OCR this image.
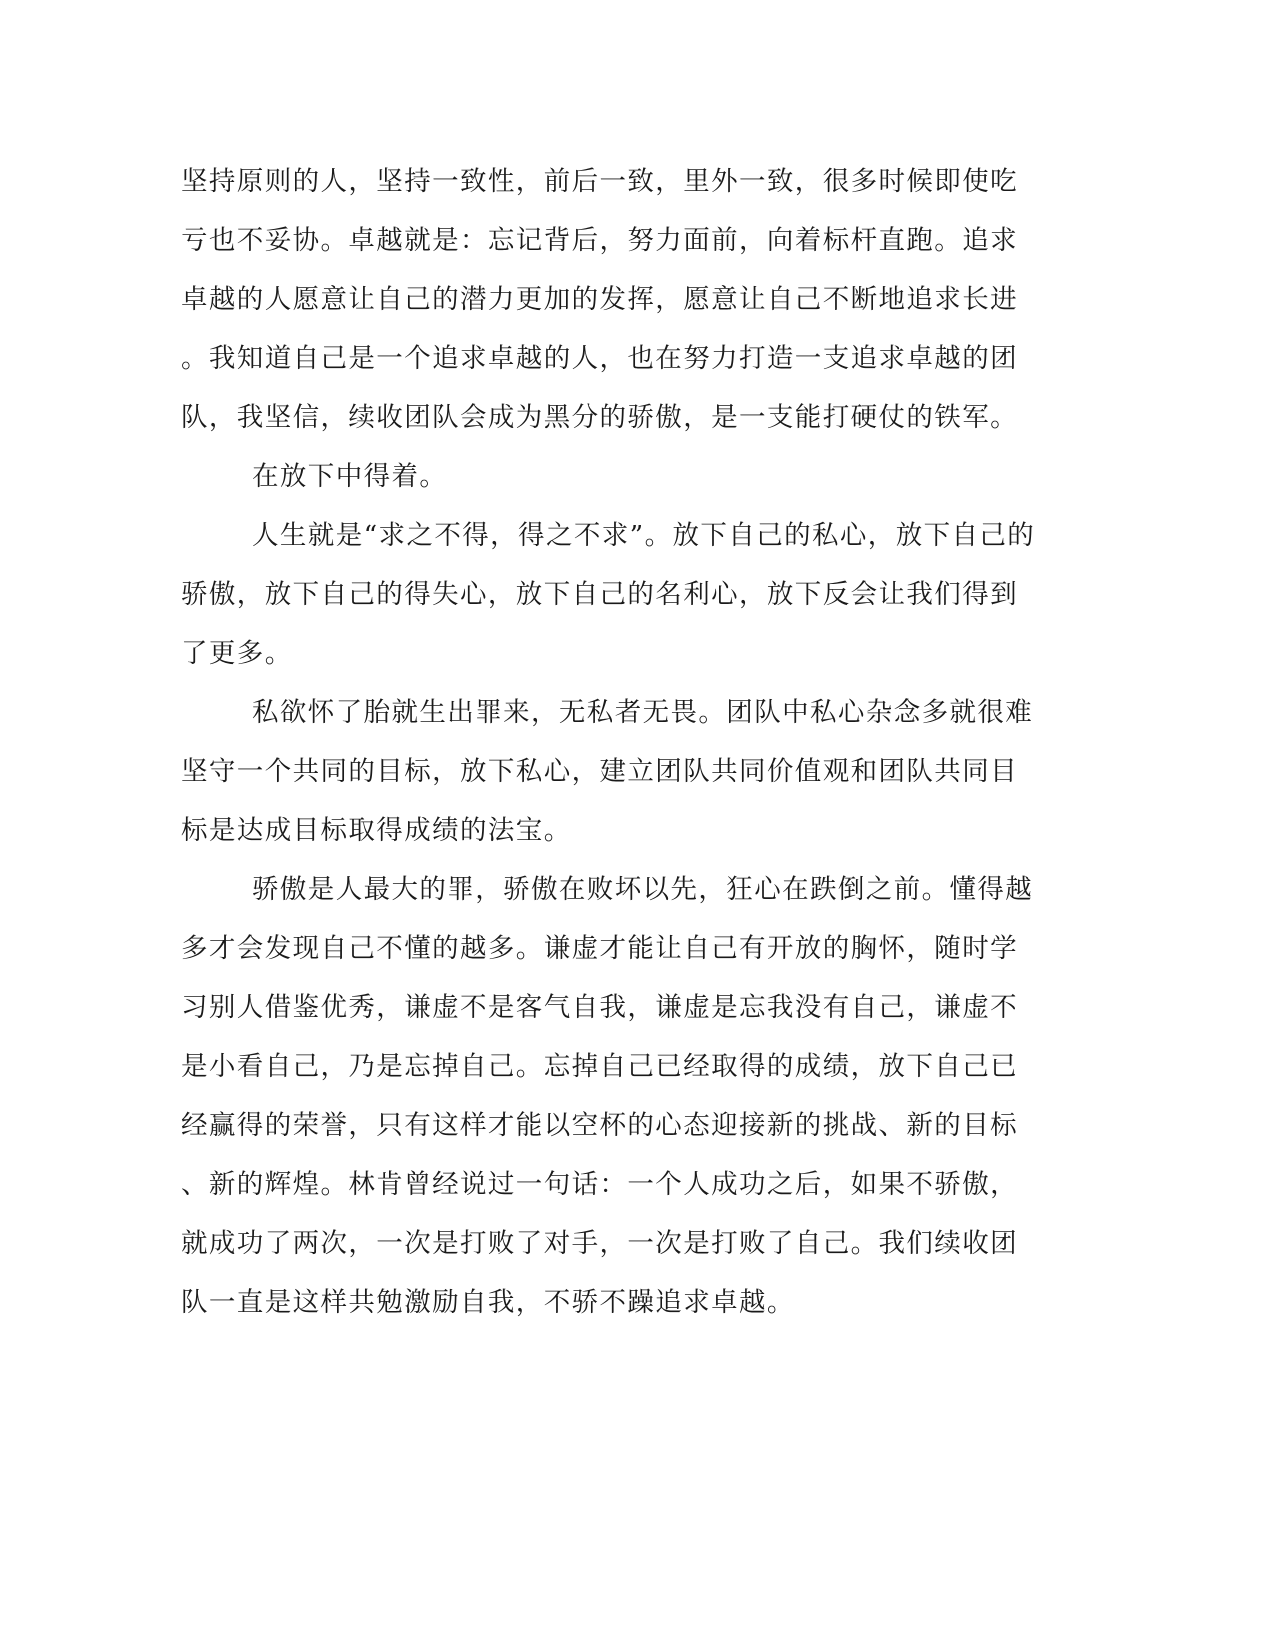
坚持原则的人，坚持一致性，前后一致，里外一致，很多时候即使吃
亏也不妥协。卓越就是：忘记背后，努力面前，向着标杆直跑。追求
卓越的人愿意让自己的潜力更加的发挥，愿意让自己不断地追求长进
。我知道自己是一个追求卓越的人，也在努力打造一支追求卓越的团
队，我坚信，续收团队会成为黑分的骄傲，是一支能打硬仗的铁军。
在放下中得着。
人生就是“求之不得，得之不求”。放下自己的私心，放下自己的
骄傲，放下自己的得失心，放下自己的名利心，放下反会让我们得到
了更多。
私欲怀了胎就生出罪来，无私者无畏。团队中私心杂念多就很难
坚守一个共同的目标，放下私心，建立团队共同价值观和团队共同目
标是达成目标取得成绩的法宝。
骄傲是人最大的罪，骄傲在败坏以先，狂心在跌倒之前。懂得越
多才会发现自己不懂的越多。谦虚才能让自己有开放的胸怀，随时学
习别人借鉴优秀，谦虚不是客气自我，谦虚是忘我没有自己，谦虚不
是小看自己，乃是忘掉自己。忘掉自己已经取得的成绩，放下自己已
经赢得的荣誉，只有这样才能以空杯的心态迎接新的挑战、新的目标
、新的辉煌。林肯曾经说过一句话：一个人成功之后，如果不骄傲，
就成功了两次，一次是打败了对手，一次是打败了自己。我们续收团
队一直是这样共勉激励自我，不骄不躁追求卓越。
